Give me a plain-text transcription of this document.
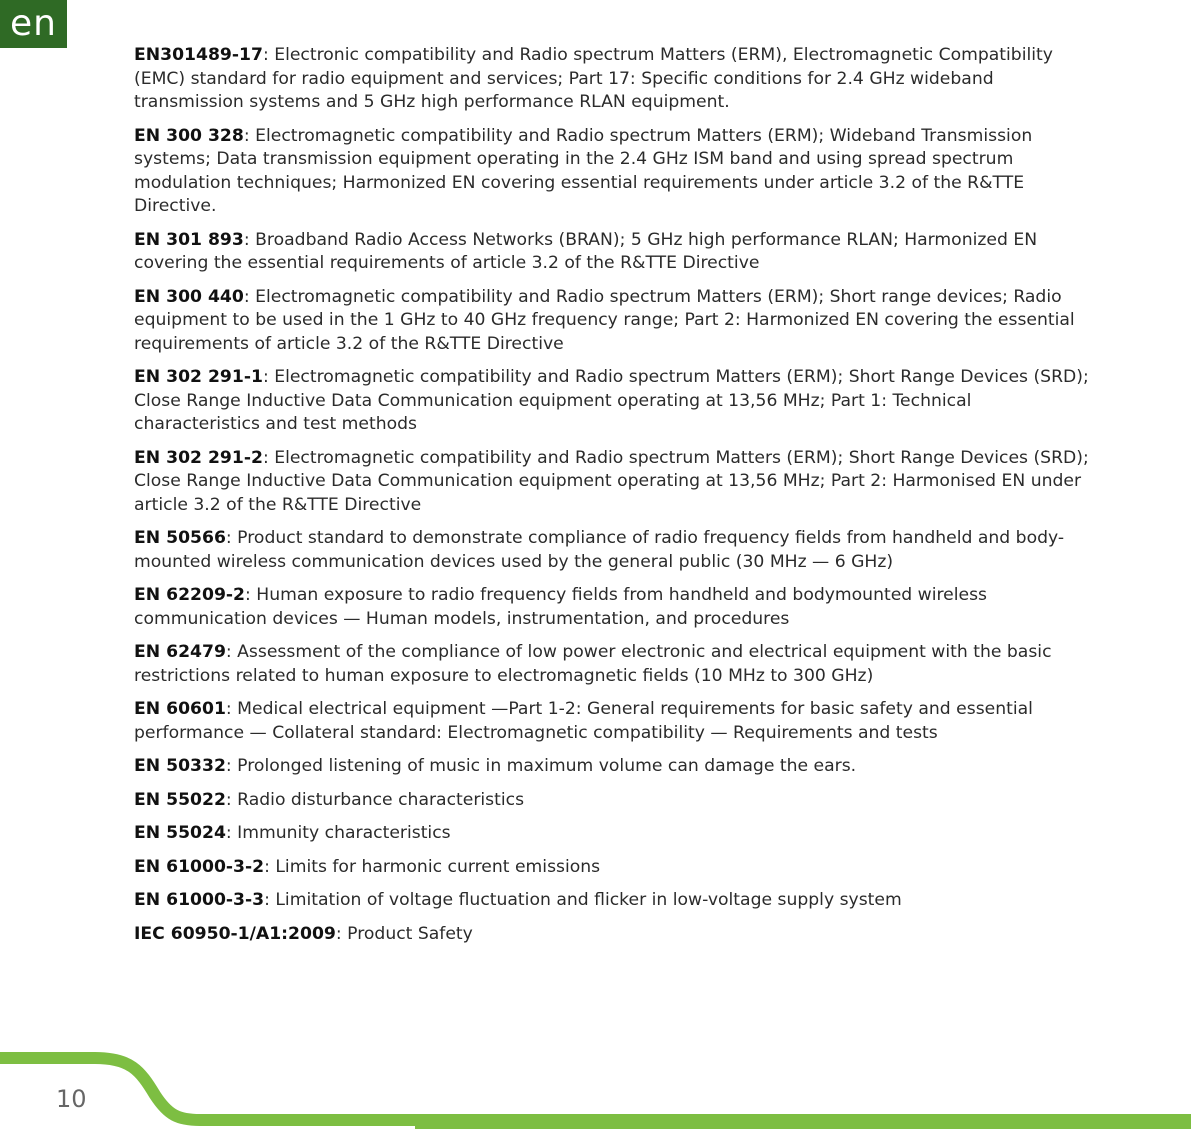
en

EN301489-17: Electronic compatibility and Radio spectrum Matters (ERM), Electromagnetic Compatibility (EMC) standard for radio equipment and services; Part 17: Specific conditions for 2.4 GHz wideband transmission systems and 5 GHz high performance RLAN equipment.

EN 300 328: Electromagnetic compatibility and Radio spectrum Matters (ERM); Wideband Transmission systems; Data transmission equipment operating in the 2.4 GHz ISM band and using spread spectrum modulation techniques; Harmonized EN covering essential requirements under article 3.2 of the R&TTE Directive.

EN 301 893: Broadband Radio Access Networks (BRAN); 5 GHz high performance RLAN; Harmonized EN covering the essential requirements of article 3.2 of the R&TTE Directive

EN 300 440: Electromagnetic compatibility and Radio spectrum Matters (ERM); Short range devices; Radio equipment to be used in the 1 GHz to 40 GHz frequency range; Part 2: Harmonized EN covering the essential requirements of article 3.2 of the R&TTE Directive

EN 302 291-1: Electromagnetic compatibility and Radio spectrum Matters (ERM); Short Range Devices (SRD); Close Range Inductive Data Communication equipment operating at 13,56 MHz; Part 1: Technical characteristics and test methods

EN 302 291-2: Electromagnetic compatibility and Radio spectrum Matters (ERM); Short Range Devices (SRD); Close Range Inductive Data Communication equipment operating at 13,56 MHz; Part 2: Harmonised EN under article 3.2 of the R&TTE Directive

EN 50566: Product standard to demonstrate compliance of radio frequency fields from handheld and body- mounted wireless communication devices used by the general public (30 MHz — 6 GHz)

EN 62209-2: Human exposure to radio frequency fields from handheld and bodymounted wireless communication devices — Human models, instrumentation, and procedures

EN 62479: Assessment of the compliance of low power electronic and electrical equipment with the basic restrictions related to human exposure to electromagnetic fields (10 MHz to 300 GHz)

EN 60601: Medical electrical equipment —Part 1-2: General requirements for basic safety and essential performance — Collateral standard: Electromagnetic compatibility — Requirements and tests

EN 50332: Prolonged listening of music in maximum volume can damage the ears.

EN 55022: Radio disturbance characteristics

EN 55024: Immunity characteristics

EN 61000-3-2: Limits for harmonic current emissions

EN 61000-3-3: Limitation of voltage fluctuation and flicker in low-voltage supply system

IEC 60950-1/A1:2009: Product Safety

10
